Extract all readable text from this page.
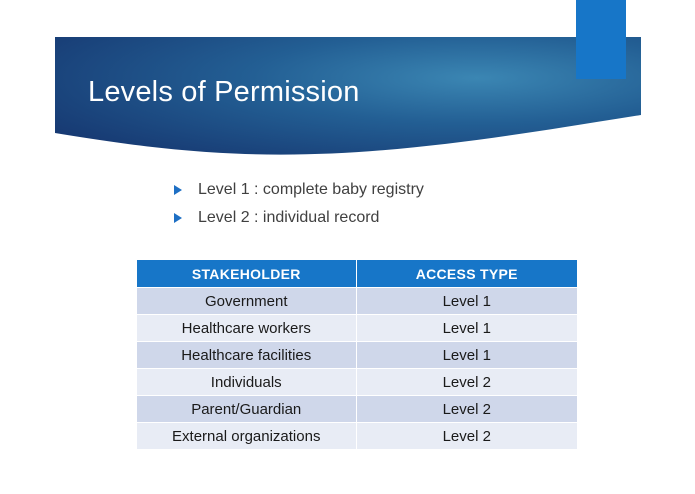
Levels of Permission
Level 1 : complete baby registry
Level 2 : individual record
STAKEHOLDER	ACCESS TYPE
Government	Level 1
Healthcare workers	Level 1
Healthcare facilities	Level 1
Individuals	Level 2
Parent/Guardian	Level 2
External organizations	Level 2
